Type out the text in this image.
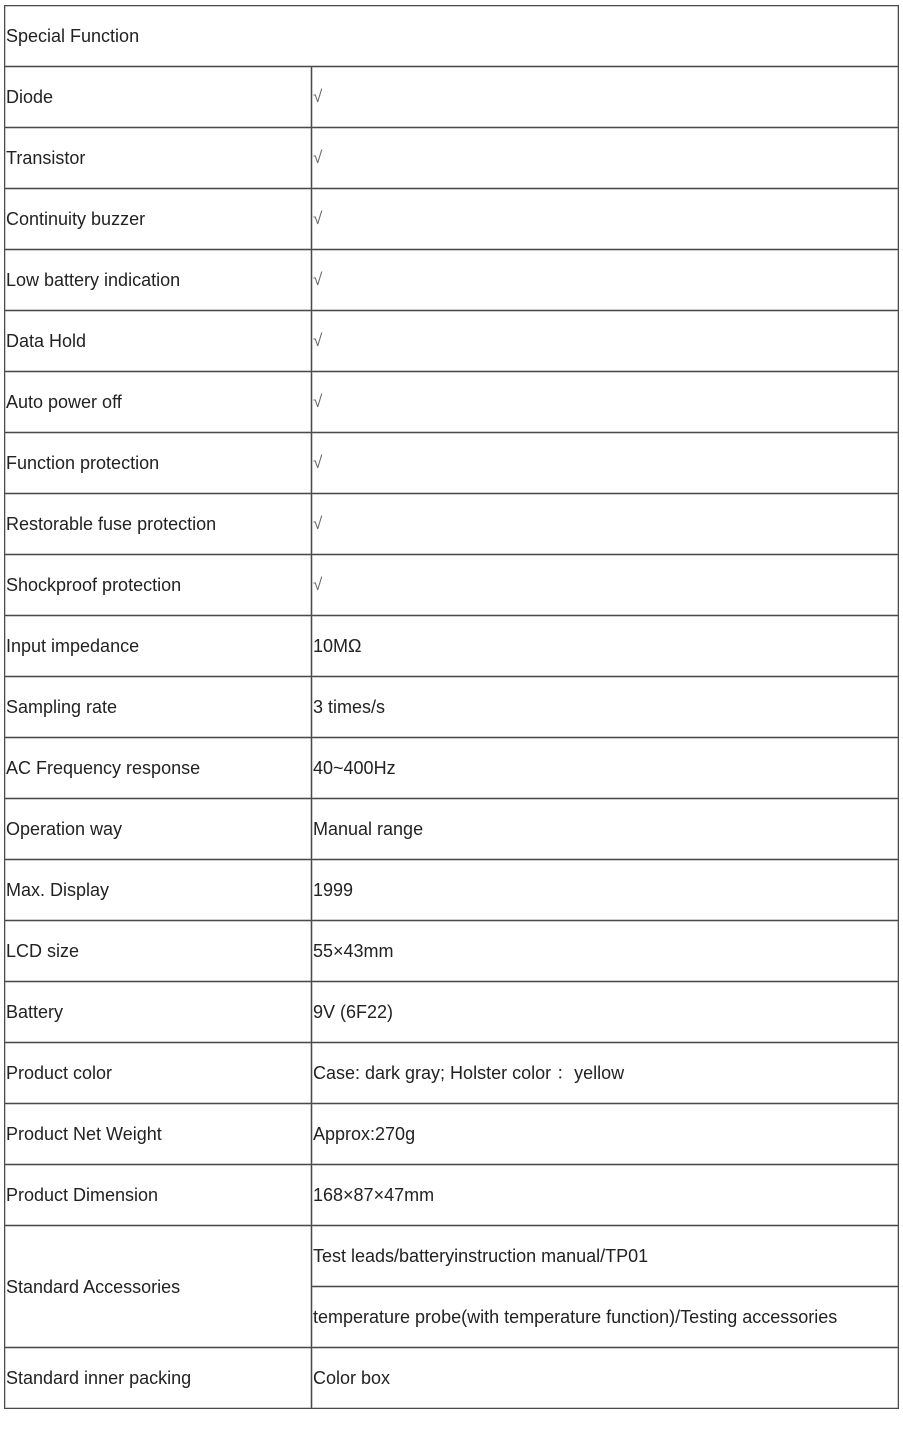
Special Function	
Diode	√
Transistor	√
Continuity buzzer	√
Low battery indication	√
Data Hold	√
Auto power off	√
Function protection	√
Restorable fuse protection	√
Shockproof protection	√
Input impedance	10MΩ
Sampling rate	3 times/s
AC Frequency response	40~400Hz
Operation way	Manual range
Max. Display	1999
LCD size	55×43mm
Battery	9V (6F22)
Product color	Case: dark gray; Holster color ：yellow
Product Net Weight	Approx:270g
Product Dimension	168×87×47mm
Standard Accessories	Test leads/batteryinstruction manual/TP01
	temperature probe(with temperature function)/Testing accessories
Standard inner packing	Color box
